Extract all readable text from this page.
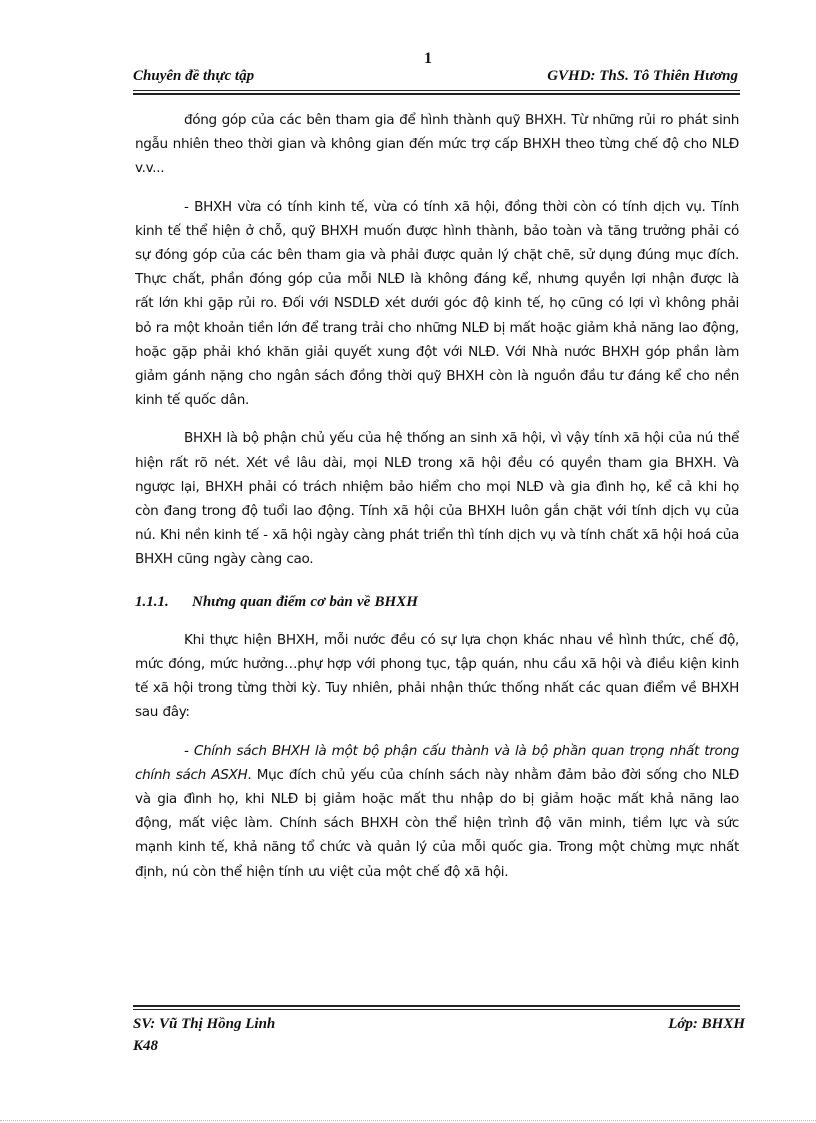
1
Chuyên đề thực tập	GVHD: ThS. Tô Thiên Hương

đóng góp của các bên tham gia để hình thành quỹ BHXH. Từ những rủi ro phát sinh ngẫu nhiên theo thời gian và không gian đến mức trợ cấp BHXH theo từng chế độ cho NLĐ v.v...

- BHXH vừa có tính kinh tế, vừa có tính xã hội, đồng thời còn có tính dịch vụ. Tính kinh tế thể hiện ở chỗ, quỹ BHXH muốn được hình thành, bảo toàn và tăng trưởng phải có sự đóng góp của các bên tham gia và phải được quản lý chặt chẽ, sử dụng đúng mục đích. Thực chất, phần đóng góp của mỗi NLĐ là không đáng kể, nhưng quyền lợi nhận được là rất lớn khi gặp rủi ro. Đối với NSDLĐ xét dưới góc độ kinh tế, họ cũng có lợi vì không phải bỏ ra một khoản tiền lớn để trang trải cho những NLĐ bị mất hoặc giảm khả năng lao động, hoặc gặp phải khó khăn giải quyết xung đột với NLĐ. Với Nhà nước BHXH góp phần làm giảm gánh nặng cho ngân sách đồng thời quỹ BHXH còn là nguồn đầu tư đáng kể cho nền kinh tế quốc dân.

BHXH là bộ phận chủ yếu của hệ thống an sinh xã hội, vì vậy tính xã hội của nú thể hiện rất rõ nét. Xét về lâu dài, mọi NLĐ trong xã hội đều có quyền tham gia BHXH. Và ngược lại, BHXH phải có trách nhiệm bảo hiểm cho mọi NLĐ và gia đình họ, kể cả khi họ còn đang trong độ tuổi lao động. Tính xã hội của BHXH luôn gắn chặt với tính dịch vụ của nú. Khi nền kinh tế - xã hội ngày càng phát triển thì tính dịch vụ và tính chất xã hội hoá của BHXH cũng ngày càng cao.

1.1.1. Nhưng quan điểm cơ bản về BHXH

Khi thực hiện BHXH, mỗi nước đều có sự lựa chọn khác nhau về hình thức, chế độ, mức đóng, mức hưởng…phự hợp với phong tục, tập quán, nhu cầu xã hội và điều kiện kinh tế xã hội trong từng thời kỳ. Tuy nhiên, phải nhận thức thống nhất các quan điểm về BHXH sau đây:

- Chính sách BHXH là một bộ phận cấu thành và là bộ phần quan trọng nhất trong chính sách ASXH. Mục đích chủ yếu của chính sách này nhằm đảm bảo đời sống cho NLĐ và gia đình họ, khi NLĐ bị giảm hoặc mất thu nhập do bị giảm hoặc mất khả năng lao động, mất việc làm. Chính sách BHXH còn thể hiện trình độ văn minh, tiềm lực và sức mạnh kinh tế, khả năng tổ chức và quản lý của mỗi quốc gia. Trong một chừng mực nhất định, nú còn thể hiện tính ưu việt của một chế độ xã hội.

SV: Vũ Thị Hồng Linh
K48
Lớp: BHXH
